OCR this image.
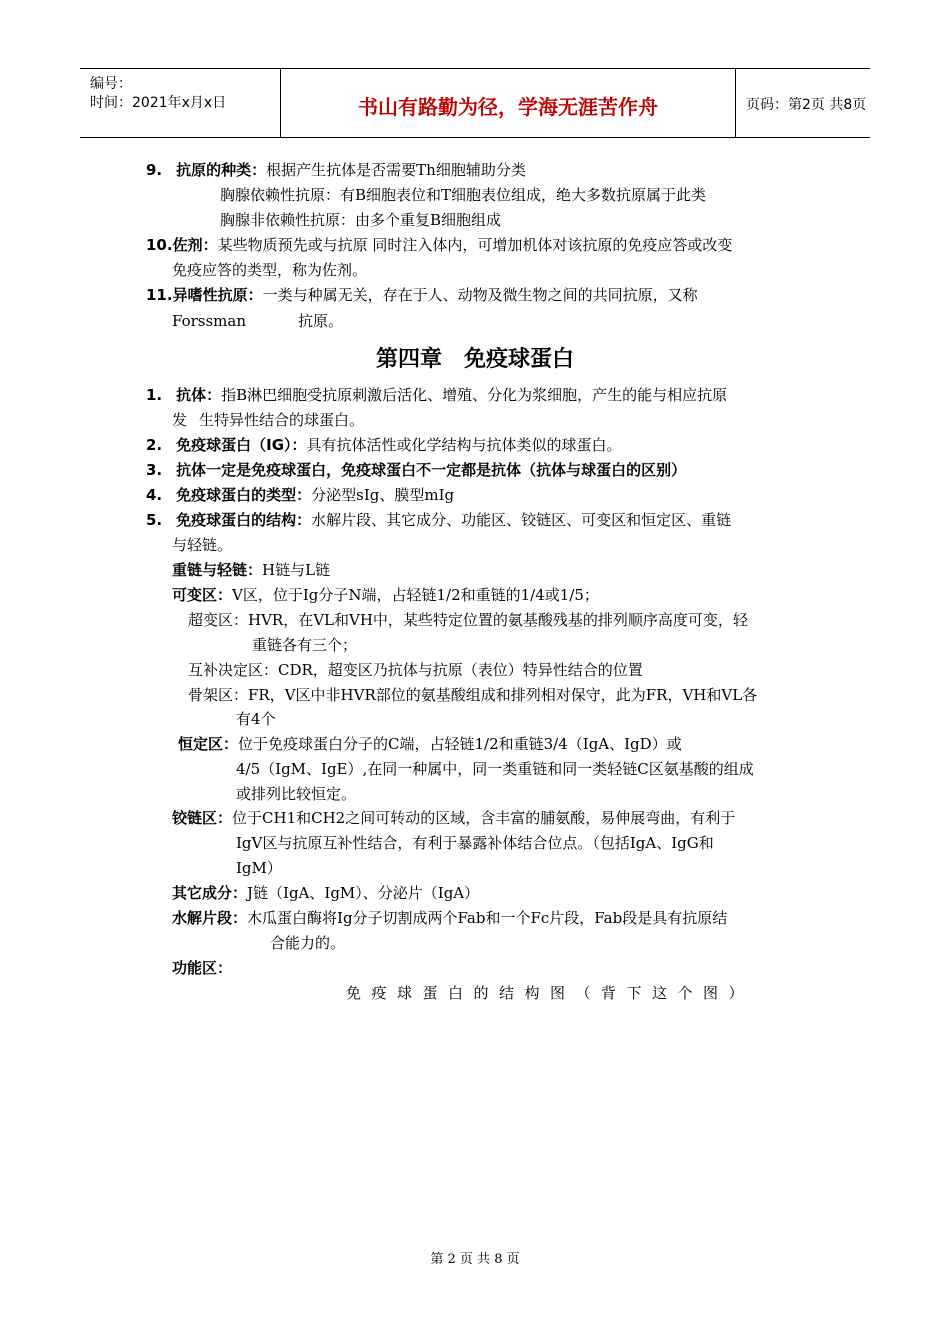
编号：
时间：2021年x月x日	书山有路勤为径，学海无涯苦作舟	页码：第2页 共8页
9. 抗原的种类：根据产生抗体是否需要Th细胞辅助分类
胸腺依赖性抗原：有B细胞表位和T细胞表位组成，绝大多数抗原属于此类
胸腺非依赖性抗原：由多个重复B细胞组成
10.佐剂：某些物质预先或与抗原 同时注入体内，可增加机体对该抗原的免疫应答或改变
免疫应答的类型，称为佐剂。
11.异嗜性抗原：一类与种属无关，存在于人、动物及微生物之间的共同抗原，又称
Forssman	抗原。
第四章　免疫球蛋白
1. 抗体：指B淋巴细胞受抗原刺激后活化、增殖、分化为浆细胞，产生的能与相应抗原
发 生特异性结合的球蛋白。
2. 免疫球蛋白（IG）：具有抗体活性或化学结构与抗体类似的球蛋白。
3. 抗体一定是免疫球蛋白，免疫球蛋白不一定都是抗体（抗体与球蛋白的区别）
4. 免疫球蛋白的类型：分泌型sIg、膜型mIg
5. 免疫球蛋白的结构：水解片段、其它成分、功能区、铰链区、可变区和恒定区、重链
与轻链。
重链与轻链：H链与L链
可变区：V区，位于Ig分子N端，占轻链1/2和重链的1/4或1/5；
超变区：HVR，在VL和VH中，某些特定位置的氨基酸残基的排列顺序高度可变，轻
重链各有三个；
互补决定区：CDR，超变区乃抗体与抗原（表位）特异性结合的位置
骨架区：FR，V区中非HVR部位的氨基酸组成和排列相对保守，此为FR，VH和VL各
有4个
恒定区：位于免疫球蛋白分子的C端，占轻链1/2和重链3/4（IgA、IgD）或
4/5（IgM、IgE）,在同一种属中，同一类重链和同一类轻链C区氨基酸的组成
或排列比较恒定。
铰链区：位于CH1和CH2之间可转动的区域，含丰富的脯氨酸，易伸展弯曲，有利于
IgV区与抗原互补性结合，有利于暴露补体结合位点。（包括IgA、IgG和
IgM）
其它成分：J链（IgA、IgM）、分泌片（IgA）
水解片段：木瓜蛋白酶将Ig分子切割成两个Fab和一个Fc片段，Fab段是具有抗原结
合能力的。
功能区：
免疫球蛋白的结构图（背下这个图）
第 2 页 共 8 页
